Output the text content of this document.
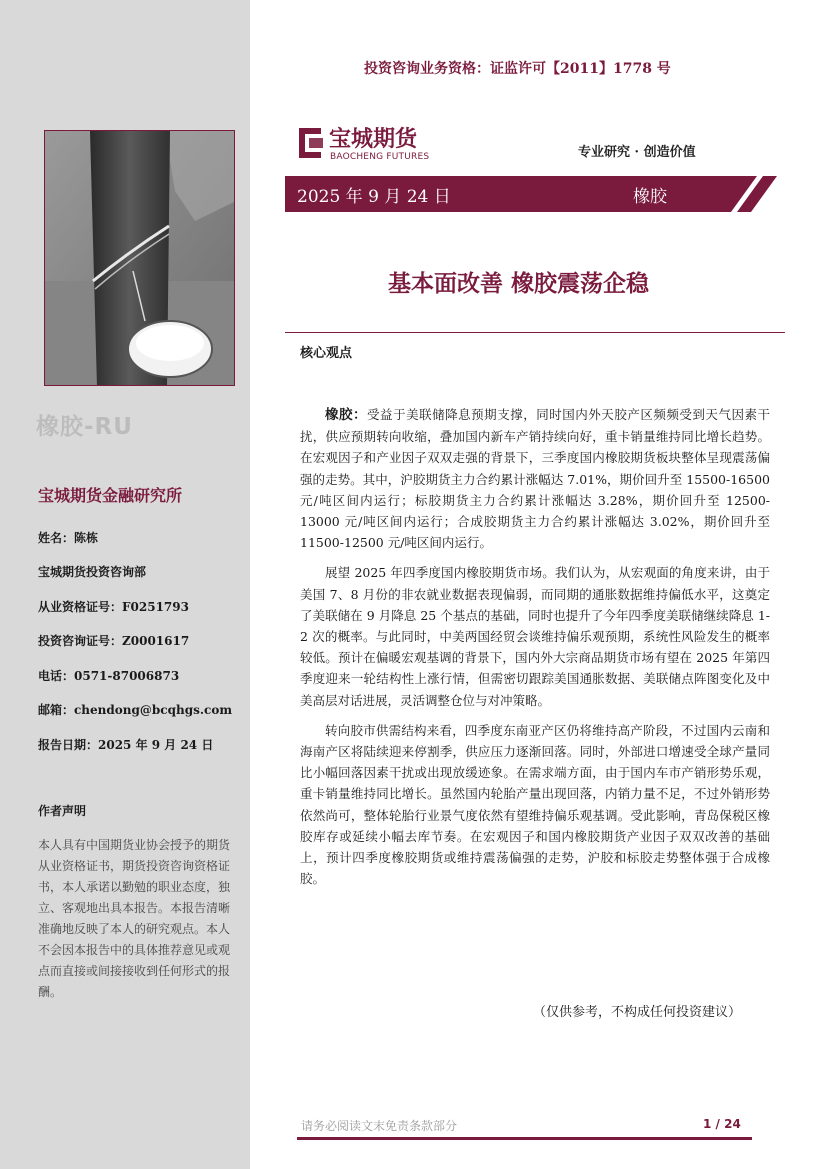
橡胶-RU
宝城期货金融研究所
姓名：陈栋
宝城期货投资咨询部
从业资格证号：F0251793
投资咨询证号：Z0001617
电话：0571-87006873
邮箱：chendong@bcqhgs.com
报告日期：2025 年 9 月 24 日
作者声明
本人具有中国期货业协会授予的期货从业资格证书，期货投资咨询资格证书，本人承诺以勤勉的职业态度，独立、客观地出具本报告。本报告清晰准确地反映了本人的研究观点。本人不会因本报告中的具体推荐意见或观点而直接或间接接收到任何形式的报酬。
投资咨询业务资格：证监许可【2011】1778 号
宝城期货
BAOCHENG FUTURES	专业研究 · 创造价值
2025 年 9 月 24 日	橡胶
基本面改善 橡胶震荡企稳
核心观点

橡胶：受益于美联储降息预期支撑，同时国内外天胶产区频频受到天气因素干扰，供应预期转向收缩，叠加国内新车产销持续向好，重卡销量维持同比增长趋势。在宏观因子和产业因子双双走强的背景下，三季度国内橡胶期货板块整体呈现震荡偏强的走势。其中，沪胶期货主力合约累计涨幅达 7.01%，期价回升至 15500-16500 元/吨区间内运行；标胶期货主力合约累计涨幅达 3.28%，期价回升至 12500-13000 元/吨区间内运行；合成胶期货主力合约累计涨幅达 3.02%，期价回升至 11500-12500 元/吨区间内运行。

展望 2025 年四季度国内橡胶期货市场。我们认为，从宏观面的角度来讲，由于美国 7、8 月份的非农就业数据表现偏弱，而同期的通胀数据维持偏低水平，这奠定了美联储在 9 月降息 25 个基点的基础，同时也提升了今年四季度美联储继续降息 1-2 次的概率。与此同时，中美两国经贸会谈维持偏乐观预期，系统性风险发生的概率较低。预计在偏暖宏观基调的背景下，国内外大宗商品期货市场有望在 2025 年第四季度迎来一轮结构性上涨行情，但需密切跟踪美国通胀数据、美联储点阵图变化及中美高层对话进展，灵活调整仓位与对冲策略。

转向胶市供需结构来看，四季度东南亚产区仍将维持高产阶段，不过国内云南和海南产区将陆续迎来停割季，供应压力逐渐回落。同时，外部进口增速受全球产量同比小幅回落因素干扰或出现放缓迹象。在需求端方面，由于国内车市产销形势乐观，重卡销量维持同比增长。虽然国内轮胎产量出现回落，内销力量不足，不过外销形势依然尚可，整体轮胎行业景气度依然有望维持偏乐观基调。受此影响，青岛保税区橡胶库存或延续小幅去库节奏。在宏观因子和国内橡胶期货产业因子双双改善的基础上，预计四季度橡胶期货或维持震荡偏强的走势，沪胶和标胶走势整体强于合成橡胶。

（仅供参考，不构成任何投资建议）
请务必阅读文末免责条款部分	1 / 24
